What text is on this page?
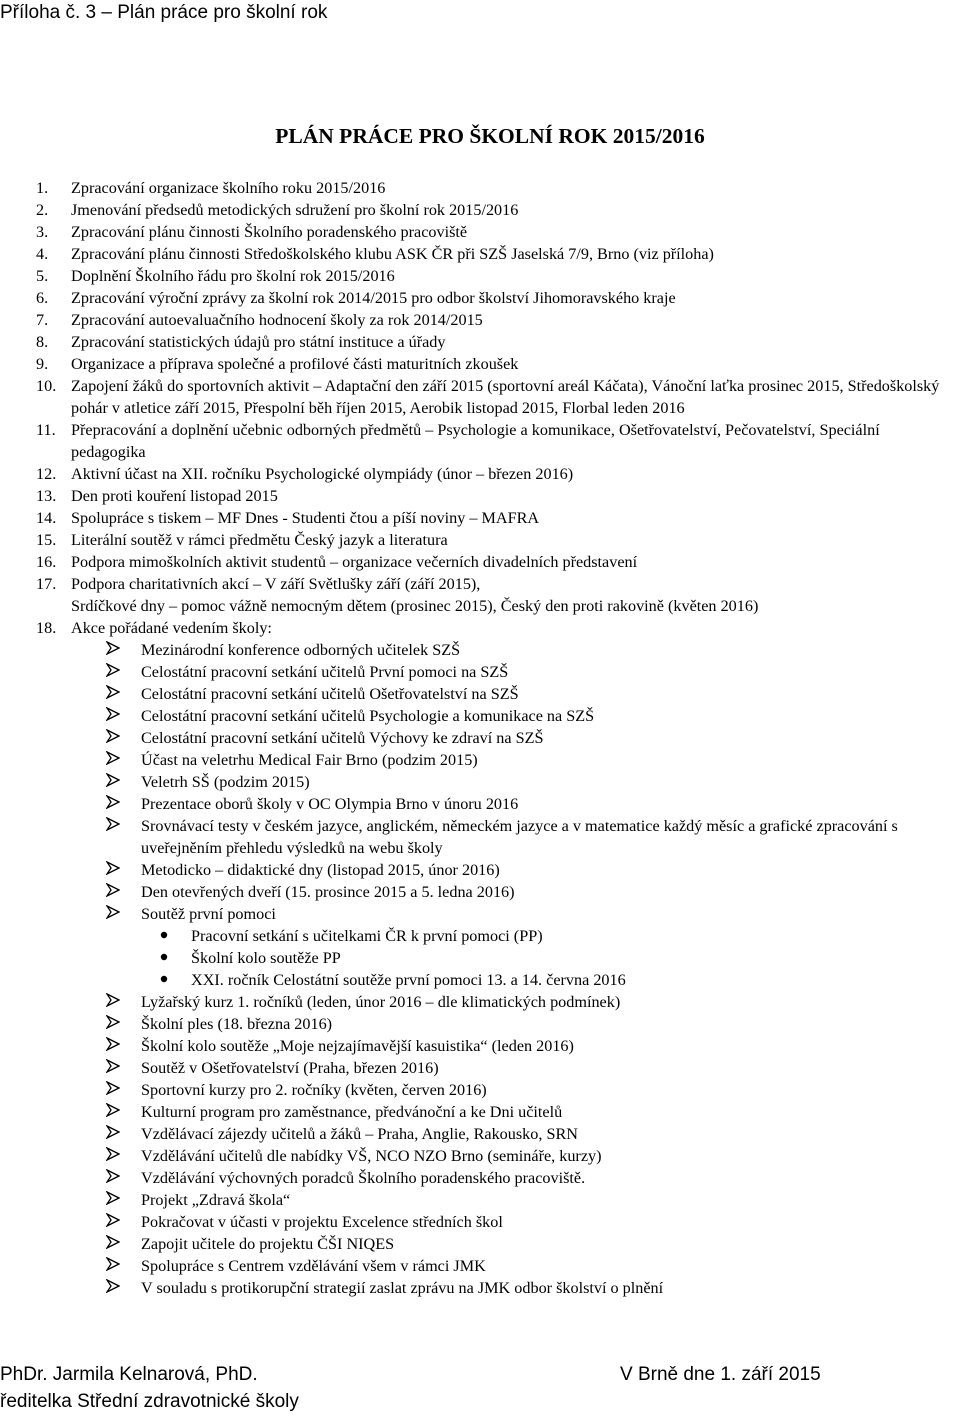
Příloha č. 3 – Plán práce pro školní rok
PLÁN PRÁCE PRO ŠKOLNÍ ROK 2015/2016
1.	Zpracování organizace školního roku 2015/2016
2.	Jmenování předsedů metodických sdružení pro školní rok 2015/2016
3.	Zpracování plánu činnosti Školního poradenského pracoviště
4.	Zpracování plánu činnosti Středoškolského klubu ASK ČR při SZŠ Jaselská 7/9, Brno (viz příloha)
5.	Doplnění Školního řádu pro školní rok 2015/2016
6.	Zpracování výroční zprávy za školní rok 2014/2015 pro odbor školství Jihomoravského kraje
7.	Zpracování autoevaluačního hodnocení školy za rok 2014/2015
8.	Zpracování statistických údajů pro státní instituce a úřady
9.	Organizace a příprava společné a profilové části maturitních zkoušek
10. Zapojení žáků do sportovních aktivit – Adaptační den září 2015 (sportovní areál Káčata), Vánoční laťka prosinec 2015, Středoškolský pohár v atletice září 2015, Přespolní běh říjen 2015, Aerobik listopad 2015, Florbal leden 2016
11. Přepracování a doplnění učebnic odborných předmětů – Psychologie a komunikace, Ošetřovatelství, Pečovatelství, Speciální pedagogika
12. Aktivní účast na XII. ročníku Psychologické olympiády (únor – březen 2016)
13. Den proti kouření listopad 2015
14. Spolupráce s tiskem – MF Dnes - Studenti čtou a píší noviny – MAFRA
15. Literální soutěž v rámci předmětu Český jazyk a literatura
16. Podpora mimoškolních aktivit studentů – organizace večerních divadelních představení
17. Podpora charitativních akcí – V září Světlušky září (září 2015),
Srdíčkové dny – pomoc vážně nemocným dětem (prosinec 2015), Český den proti rakovině (květen 2016)
18. Akce pořádané vedením školy:
Mezinárodní konference odborných učitelek SZŠ
Celostátní pracovní setkání učitelů První pomoci na SZŠ
Celostátní pracovní setkání učitelů Ošetřovatelství na SZŠ
Celostátní pracovní setkání učitelů Psychologie a komunikace na SZŠ
Celostátní pracovní setkání učitelů Výchovy ke zdraví na SZŠ
Účast na veletrhu Medical Fair Brno (podzim 2015)
Veletrh SŠ (podzim 2015)
Prezentace oborů školy v OC Olympia Brno v únoru 2016
Srovnávací testy v českém jazyce, anglickém, německém jazyce a v matematice každý měsíc a grafické zpracování s uveřejněním přehledu výsledků na webu školy
Metodicko – didaktické dny (listopad 2015, únor 2016)
Den otevřených dveří (15. prosince 2015 a 5. ledna 2016)
Soutěž první pomoci
Pracovní setkání s učitelkami ČR k první pomoci (PP)
Školní kolo soutěže PP
XXI. ročník Celostátní soutěže první pomoci 13. a 14. června 2016
Lyžařský kurz 1. ročníků (leden, únor 2016 – dle klimatických podmínek)
Školní ples (18. března 2016)
Školní kolo soutěže „Moje nejzajímavější kasuistika“ (leden 2016)
Soutěž v Ošetřovatelství (Praha, březen 2016)
Sportovní kurzy pro 2. ročníky (květen, červen 2016)
Kulturní program pro zaměstnance, předvánoční a ke Dni učitelů
Vzdělávací zájezdy učitelů a žáků – Praha, Anglie, Rakousko, SRN
Vzdělávání učitelů dle nabídky VŠ, NCO NZO Brno (semináře, kurzy)
Vzdělávání výchovných poradců Školního poradenského pracoviště.
Projekt „Zdravá škola“
Pokračovat v účasti v projektu Excelence středních škol
Zapojit učitele do projektu ČŠI NIQES
Spolupráce s Centrem vzdělávání všem v rámci JMK
V souladu s protikorupční strategií zaslat zprávu na JMK odbor školství o plnění
PhDr. Jarmila Kelnarová, PhD.	V Brně dne 1. září 2015
ředitelka Střední zdravotnické školy
